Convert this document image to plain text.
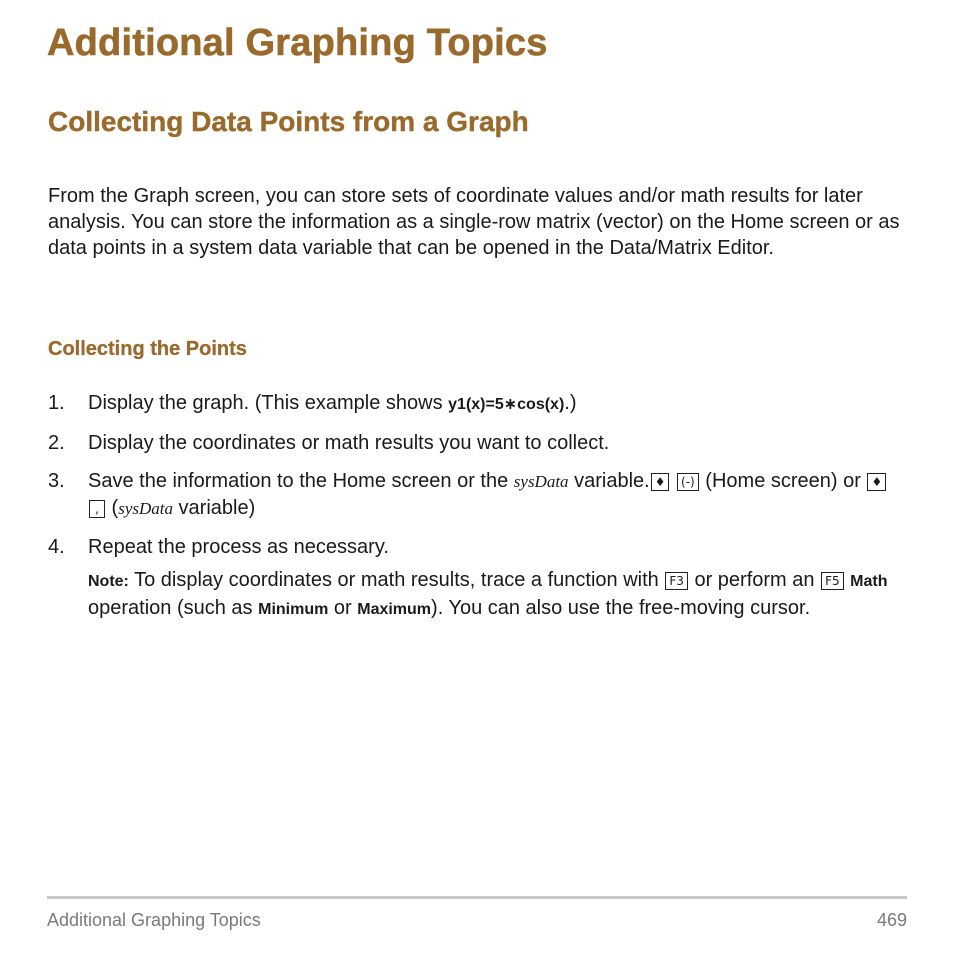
Additional Graphing Topics
Collecting Data Points from a Graph

From the Graph screen, you can store sets of coordinate values and/or math results for later analysis. You can store the information as a single-row matrix (vector) on the Home screen or as data points in a system data variable that can be opened in the Data/Matrix Editor.

Collecting the Points
1. Display the graph. (This example shows y1(x)=5∗cos(x).)
2. Display the coordinates or math results you want to collect.
3. Save the information to the Home screen or the sysData variable. ♦ (-) (Home screen) or ♦ , (sysData variable)
4. Repeat the process as necessary.

Note: To display coordinates or math results, trace a function with F3 or perform an F5 Math operation (such as Minimum or Maximum). You can also use the free-moving cursor.

Additional Graphing Topics	469
